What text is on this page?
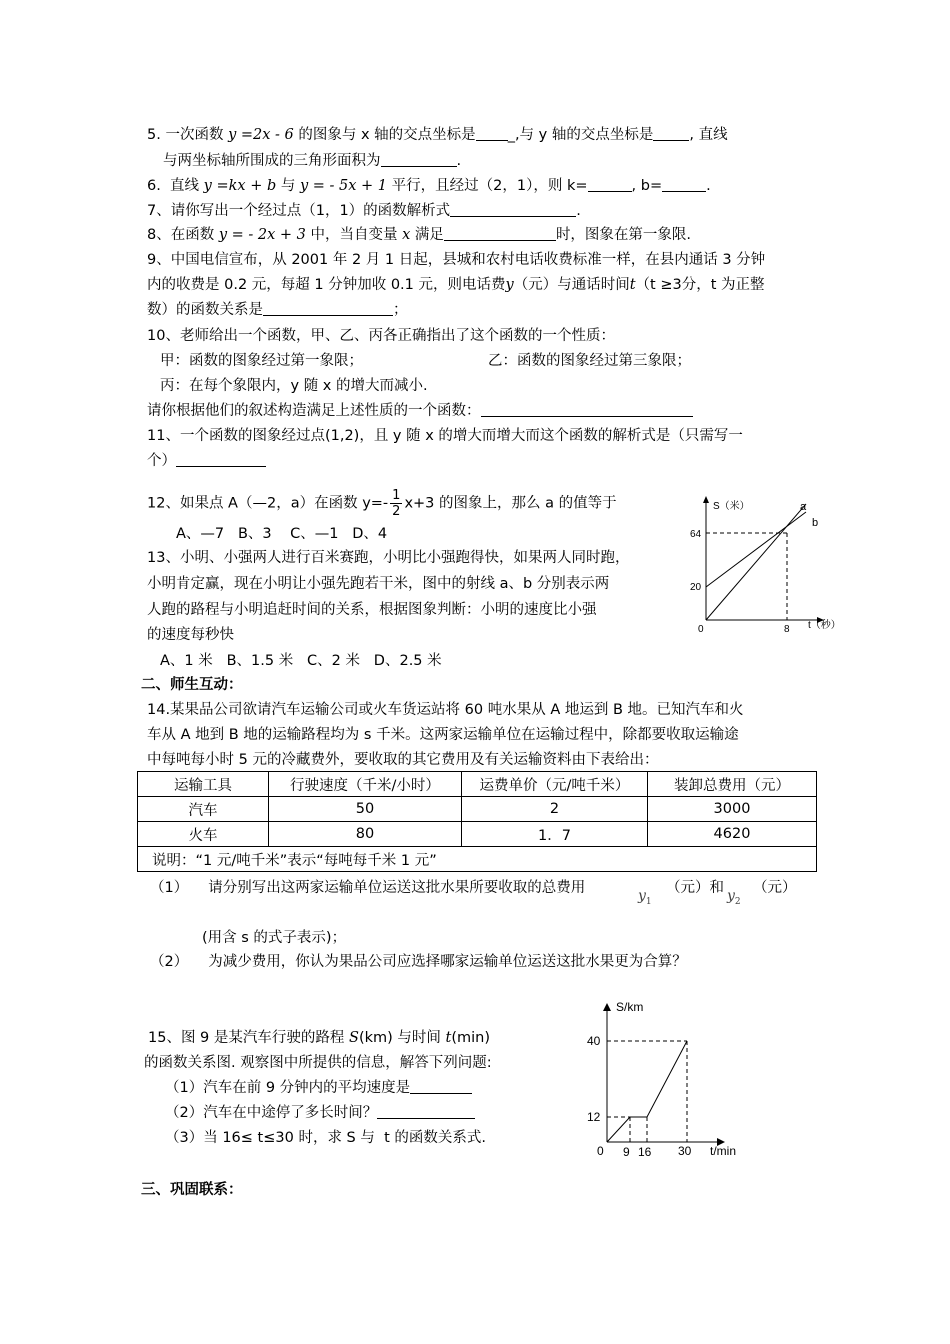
5. 一次函数 y =2x - 6 的图象与 x 轴的交点坐标是 _,与 y 轴的交点坐标是 , 直线
与两坐标轴所围成的三角形面积为	.
6.  直线 y =kx + b 与 y = - 5x + 1 平行，且经过（2，1），则 k=	, b=	.
7、请你写出一个经过点（1，1）的函数解析式	.
8、在函数 y = - 2x + 3 中，当自变量 x 满足	时，图象在第一象限.
9、中国电信宣布，从 2001 年 2 月 1 日起，县城和农村电话收费标准一样，在县内通话 3 分钟
内的收费是 0.2 元，每超 1 分钟加收 0.1 元，则电话费y（元）与通话时间t（t ≥3分，t 为正整
数）的函数关系是	；
10、老师给出一个函数，甲、乙、丙各正确指出了这个函数的一个性质：
甲：函数的图象经过第一象限；	乙：函数的图象经过第三象限；
丙：在每个象限内，y 随 x 的增大而减小.
请你根据他们的叙述构造满足上述性质的一个函数：
11、一个函数的图象经过点(1,2)，且 y 随 x 的增大而增大而这个函数的解析式是（只需写一
个）
12、如果点 A（—2，a）在函数 $y=- \frac{1}{2} x+3$ 的图象上，那么 a 的值等于
A、—7   B、3    C、—1   D、4
13、小明、小强两人进行百米赛跑，小明比小强跑得快，如果两人同时跑，
小明肯定赢，现在小明让小强先跑若干米，图中的射线 a、b 分别表示两
人跑的路程与小明追赶时间的关系，根据图象判断：小明的速度比小强
的速度每秒快
A、1 米   B、1.5 米   C、2 米   D、2.5 米
S（米）
t（秒）
64
20
8
0
a
b
二、师生互动：
14.某果品公司欲请汽车运输公司或火车货运站将 60 吨水果从 A 地运到 B 地。已知汽车和火
车从 A 地到 B 地的运输路程均为 s 千米。这两家运输单位在运输过程中，除都要收取运输途
中每吨每小时 5 元的冷藏费外，要收取的其它费用及有关运输资料由下表给出：
运输工具	行驶速度（千米/小时）	运费单价（元/吨千米）	装卸总费用（元）
汽车	50	2	3000
火车	80	1．7	4620
说明：“1 元/吨千米”表示“每吨每千米 1 元”			
（1） 请分别写出这两家运输单位运送这批水果所要收取的总费用	$y_1$
（元）和 $y_2$
（元）
(用含 s 的式子表示)；
（2） 为减少费用，你认为果品公司应选择哪家运输单位运送这批水果更为合算？
15、图 9 是某汽车行驶的路程 S(km) 与时间 t(min)
的函数关系图. 观察图中所提供的信息，解答下列问题:
（1）汽车在前 9 分钟内的平均速度是
（2）汽车在中途停了多长时间？
（3）当 16≤ t≤30 时，求 S 与  t 的函数关系式.
S/km
t/min
40
12
0 9 16 30
三、巩固联系：
